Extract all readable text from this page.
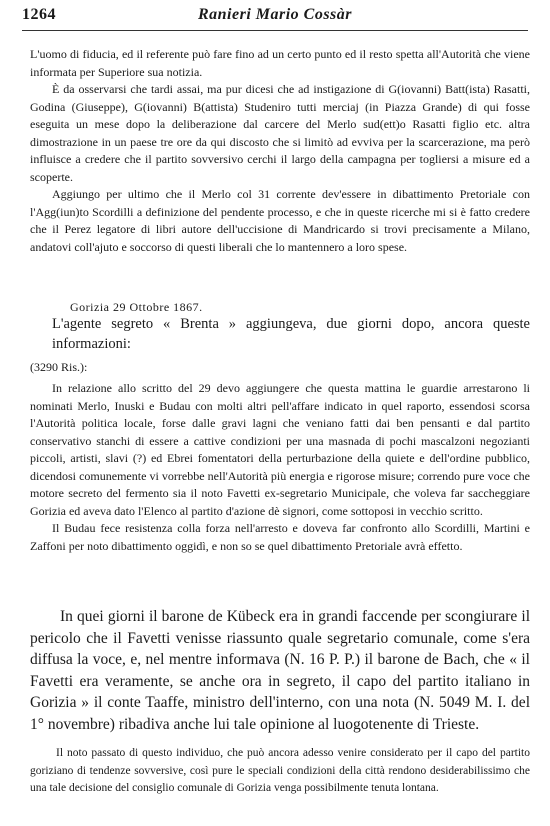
1264	Ranieri Mario Cossàr

L'uomo di fiducia, ed il referente può fare fino ad un certo punto ed il resto spetta all'Autorità che viene informata per Superiore sua notizia.

È da osservarsi che tardi assai, ma pur dicesi che ad instigazione di G(iovanni) Batt(ista) Rasatti, Godina (Giuseppe), G(iovanni) B(attista) Studeniro tutti merciaj (in Piazza Grande) di qui fosse eseguita un mese dopo la deliberazione dal carcere del Merlo sud(ett)o Rasatti figlio etc. altra dimostrazione in un paese tre ore da qui discosto che si limitò ad evviva per la scarcerazione, ma però influisce a credere che il partito sovversivo cerchi il largo della campagna per togliersi a misure ed a scoperte.

Aggiungo per ultimo che il Merlo col 31 corrente dev'essere in dibattimento Pretoriale con l'Agg(iun)to Scordilli a definizione del pendente processo, e che in queste ricerche mi si è fatto credere che il Perez legatore di libri autore dell'uccisione di Mandricardo si trovi precisamente a Milano, andatovi coll'ajuto e soccorso di questi liberali che lo mantennero a loro spese.

Gorizia 29 Ottobre 1867.

L'agente segreto « Brenta » aggiungeva, due giorni dopo, ancora queste informazioni:

(3290 Ris.):

In relazione allo scritto del 29 devo aggiungere che questa mattina le guardie arrestarono li nominati Merlo, Inuski e Budau con molti altri pell'affare indicato in quel raporto, essendosi scorsa l'Autorità politica locale, forse dalle gravi lagni che veniano fatti dai ben pensanti e dal partito conservativo stanchi di essere a cattive condizioni per una masnada di pochi mascalzoni negozianti piccoli, artisti, slavi (?) ed Ebrei fomentatori della perturbazione della quiete e dell'ordine pubblico, dicendosi comunemente vi vorrebbe nell'Autorità più energia e rigorose misure; correndo pure voce che motore secreto del fermento sia il noto Favetti ex-segretario Municipale, che voleva far saccheggiare Gorizia ed aveva dato l'Elenco al partito d'azione dè signori, come sottoposi in vecchio scritto.

Il Budau fece resistenza colla forza nell'arresto e doveva far confronto allo Scordilli, Martini e Zaffoni per noto dibattimento oggidì, e non so se quel dibattimento Pretoriale avrà effetto.

In quei giorni il barone de Kübeck era in grandi faccende per scongiurare il pericolo che il Favetti venisse riassunto quale segretario comunale, come s'era diffusa la voce, e, nel mentre informava (N. 16 P. P.) il barone de Bach, che « il Favetti era veramente, se anche ora in segreto, il capo del partito italiano in Gorizia » il conte Taaffe, ministro dell'interno, con una nota (N. 5049 M. I. del 1° novembre) ribadiva anche lui tale opinione al luogotenente di Trieste.

Il noto passato di questo individuo, che può ancora adesso venire considerato per il capo del partito goriziano di tendenze sovversive, così pure le speciali condizioni della città rendono desiderabilissimo che una tale decisione del consiglio comunale di Gorizia venga possibilmente tenuta lontana.
